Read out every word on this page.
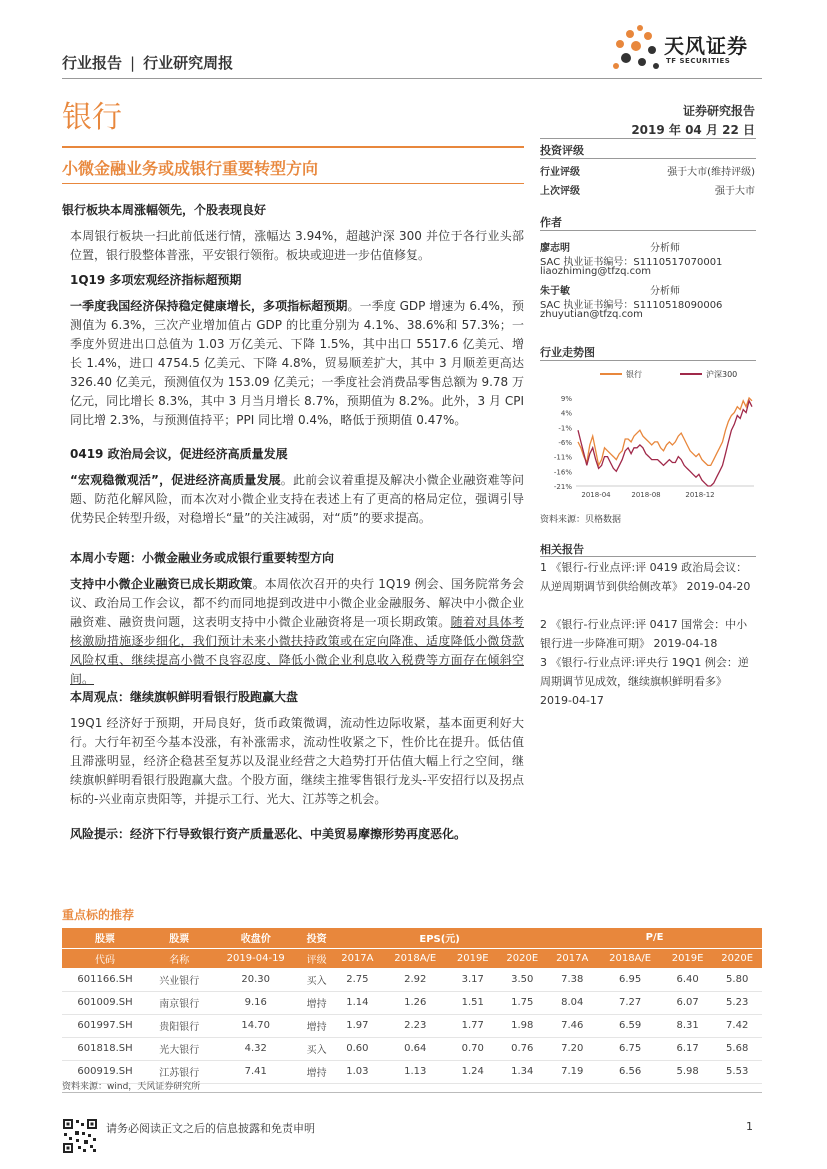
行业报告 | 行业研究周报
天风证券
TF SECURITIES
银行	证券研究报告
2019 年 04 月 22 日
小微金融业务或成银行重要转型方向
银行板块本周涨幅领先，个股表现良好
本周银行板块一扫此前低迷行情，涨幅达 3.94%，超越沪深 300 并位于各行业头部位置，银行股整体普涨，平安银行领衔。板块或迎进一步估值修复。
1Q19 多项宏观经济指标超预期
一季度我国经济保持稳定健康增长，多项指标超预期。一季度 GDP 增速为 6.4%，预测值为 6.3%，三次产业增加值占 GDP 的比重分别为 4.1%、38.6%和 57.3%；一季度外贸进出口总值为 1.03 万亿美元、下降 1.5%，其中出口 5517.6 亿美元、增长 1.4%，进口 4754.5 亿美元、下降 4.8%，贸易顺差扩大，其中 3 月顺差更高达 326.40 亿美元，预测值仅为 153.09 亿美元；一季度社会消费品零售总额为 9.78 万亿元，同比增长 8.3%，其中 3 月当月增长 8.7%，预期值为 8.2%。此外，3 月 CPI 同比增 2.3%，与预测值持平；PPI 同比增 0.4%，略低于预期值 0.47%。
0419 政治局会议，促进经济高质量发展
“宏观稳微观活”，促进经济高质量发展。此前会议着重提及解决小微企业融资难等问题、防范化解风险，而本次对小微企业支持在表述上有了更高的格局定位，强调引导优势民企转型升级，对稳增长“量”的关注减弱，对“质”的要求提高。
本周小专题：小微金融业务或成银行重要转型方向
支持中小微企业融资已成长期政策。本周依次召开的央行 1Q19 例会、国务院常务会议、政治局工作会议，都不约而同地提到改进中小微企业金融服务、解决中小微企业融资难、融资贵问题，这表明支持中小微企业融资将是一项长期政策。随着对具体考核激励措施逐步细化，我们预计未来小微扶持政策或在定向降准、适度降低小微贷款风险权重、继续提高小微不良容忍度、降低小微企业利息收入税费等方面存在倾斜空间。
本周观点：继续旗帜鲜明看银行股跑赢大盘
19Q1 经济好于预期，开局良好，货币政策微调，流动性边际收紧，基本面更利好大行。大行年初至今基本没涨，有补涨需求，流动性收紧之下，性价比在提升。低估值且滞涨明显，经济企稳甚至复苏以及混业经营之大趋势打开估值大幅上行之空间，继续旗帜鲜明看银行股跑赢大盘。个股方面，继续主推零售银行龙头-平安招行以及拐点标的-兴业南京贵阳等，并提示工行、光大、江苏等之机会。
风险提示：经济下行导致银行资产质量恶化、中美贸易摩擦形势再度恶化。
投资评级
行业评级	强于大市(维持评级)
上次评级	强于大市
作者
廖志明	分析师
SAC 执业证书编号：S1110517070001
liaozhiming@tfzq.com
朱于敏	分析师
SAC 执业证书编号：S1110518090006
zhuyutian@tfzq.com
行业走势图
银行	沪深300
9%
4%
-1%
-6%
-11%
-16%
-21%
2018-04	2018-08	2018-12
资料来源：贝格数据
相关报告
1 《银行-行业点评:评 0419 政治局会议：从逆周期调节到供给侧改革》 2019-04-20
2 《银行-行业点评:评 0417 国常会：中小银行进一步降准可期》 2019-04-18
3 《银行-行业点评:评央行 19Q1 例会：逆周期调节见成效，继续旗帜鲜明看多》 2019-04-17
重点标的推荐
股票	股票	收盘价	投资	EPS(元)				P/E			
代码	名称	2019-04-19	评级	2017A	2018A/E	2019E	2020E	2017A	2018A/E	2019E	2020E
601166.SH	兴业银行	20.30	买入	2.75	2.92	3.17	3.50	7.38	6.95	6.40	5.80
601009.SH	南京银行	9.16	增持	1.14	1.26	1.51	1.75	8.04	7.27	6.07	5.23
601997.SH	贵阳银行	14.70	增持	1.97	2.23	1.77	1.98	7.46	6.59	8.31	7.42
601818.SH	光大银行	4.32	买入	0.60	0.64	0.70	0.76	7.20	6.75	6.17	5.68
600919.SH	江苏银行	7.41	增持	1.03	1.13	1.24	1.34	7.19	6.56	5.98	5.53
资料来源：wind，天风证券研究所
请务必阅读正文之后的信息披露和免责申明	1
